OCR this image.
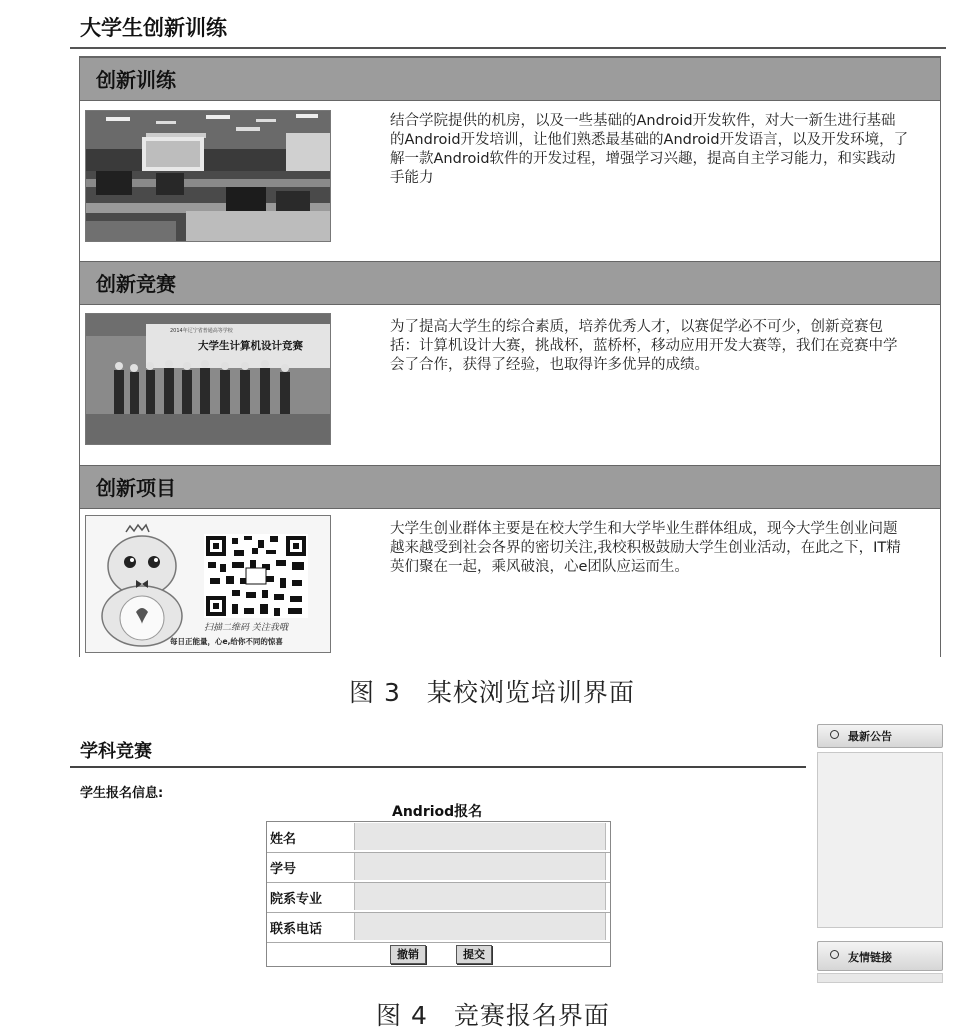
大学生创新训练
创新训练
结合学院提供的机房，以及一些基础的Android开发软件，对大一新生进行基础的Android开发培训，让他们熟悉最基础的Android开发语言，以及开发环境，了解一款Android软件的开发过程，增强学习兴趣，提高自主学习能力，和实践动手能力
创新竞赛
2014年辽宁省普通高等学校
大学生计算机设计竞赛
为了提高大学生的综合素质，培养优秀人才，以赛促学必不可少，创新竞赛包括：计算机设计大赛，挑战杯，蓝桥杯，移动应用开发大赛等，我们在竞赛中学会了合作，获得了经验，也取得许多优异的成绩。
创新项目
扫描二维码 关注我哦
每日正能量，心e,给你不同的惊喜
大学生创业群体主要是在校大学生和大学毕业生群体组成，现今大学生创业问题越来越受到社会各界的密切关注,我校积极鼓励大学生创业活动，在此之下，IT精英们聚在一起，乘风破浪，心e团队应运而生。
图 3　某校浏览培训界面
学科竞赛
学生报名信息:
Andriod报名
姓名
学号
院系专业
联系电话
撤销	提交
最新公告
友情链接
图 4　竞赛报名界面
